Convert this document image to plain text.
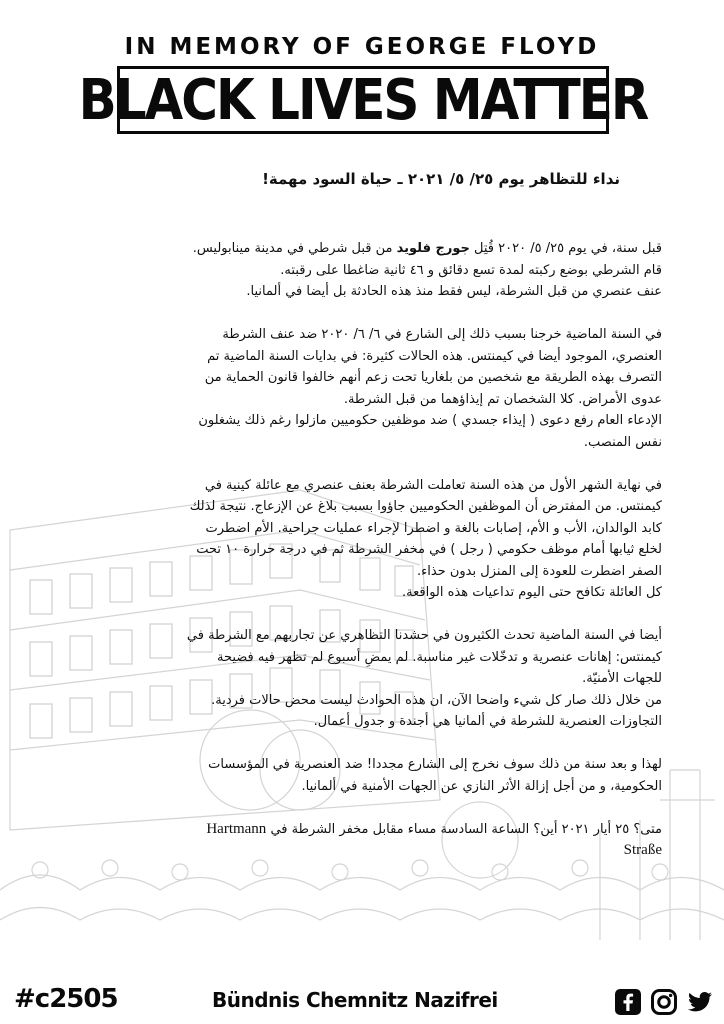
IN MEMORY OF GEORGE FLOYD
BLACK LIVES MATTER
نداء للتظاهر يوم ٢٥/ ٥/ ٢٠٢١ ـ حياة السود مهمة!
قبل سنة، في يوم ٢٥/ ٥/ ٢٠٢٠ قُتِل جورج فلويد من قبل شرطي في مدينة مينابوليس.
قام الشرطي بوضع ركبته لمدة تسع دقائق و ٤٦ ثانية ضاغطا على رقبته.
عنف عنصري من قبل الشرطة، ليس فقط منذ هذه الحادثة بل أيضا في ألمانيا.
في السنة الماضية خرجنا بسبب ذلك إلى الشارع في ٦/ ٦/ ٢٠٢٠ ضد عنف الشرطة
العنصري، الموجود أيضا في كيمنتس. هذه الحالات كثيرة: في بدايات السنة الماضية تم
التصرف بهذه الطريقة مع شخصين من بلغاريا تحت زعم أنهم خالفوا قانون الحماية من
عدوى الأمراض. كلا الشخصان تم إيذاؤهما من قبل الشرطة.
الإدعاء العام رفع دعوى ( إيذاء جسدي ) ضد موظفين حكوميين مازلوا رغم ذلك يشغلون
نفس المنصب.
في نهاية الشهر الأول من هذه السنة تعاملت الشرطة بعنف عنصري مع عائلة كينية في
كيمنتس. من المفترض أن الموظفين الحكوميين جاؤوا بسبب بلاغ عن الإزعاج. نتيجة لذلك
كابد الوالدان، الأب و الأم، إصابات بالغة و اضطرا لإجراء عمليات جراحية. الأم اضطرت
لخلع ثيابها أمام موظف حكومي ( رجل ) في مخفر الشرطة ثم في درجة حرارة ١٠ تحت
الصفر اضطرت للعودة إلى المنزل بدون حذاء.
كل العائلة تكافح حتى اليوم تداعيات هذه الواقعة.
أيضا في السنة الماضية تحدث الكثيرون في حشدنا التظاهري عن تجاربهم مع الشرطة في
كيمنتس: إهانات عنصرية و تدخّلات غير مناسبة. لم يمضِ أسبوع لم تظهر فيه فضيحة
للجهات الأمنيّة.
من خلال ذلك صار كل شيء واضحا الآن، ان هذه الحوادث ليست محض حالات فردية.
التجاوزات العنصرية للشرطة في ألمانيا هي أجندة و جدول أعمال.
لهذا و بعد سنة من ذلك سوف نخرج إلى الشارع مجددا! ضد العنصرية في المؤسسات
الحكومية، و من أجل إزالة الأثر النازي عن الجهات الأمنية في ألمانيا.
متى؟ ٢٥ أيار ٢٠٢١ أين؟ الساعة السادسة مساء مقابل مخفر الشرطة في Hartmann
Straße
#c2505	Bündnis Chemnitz Nazifrei
